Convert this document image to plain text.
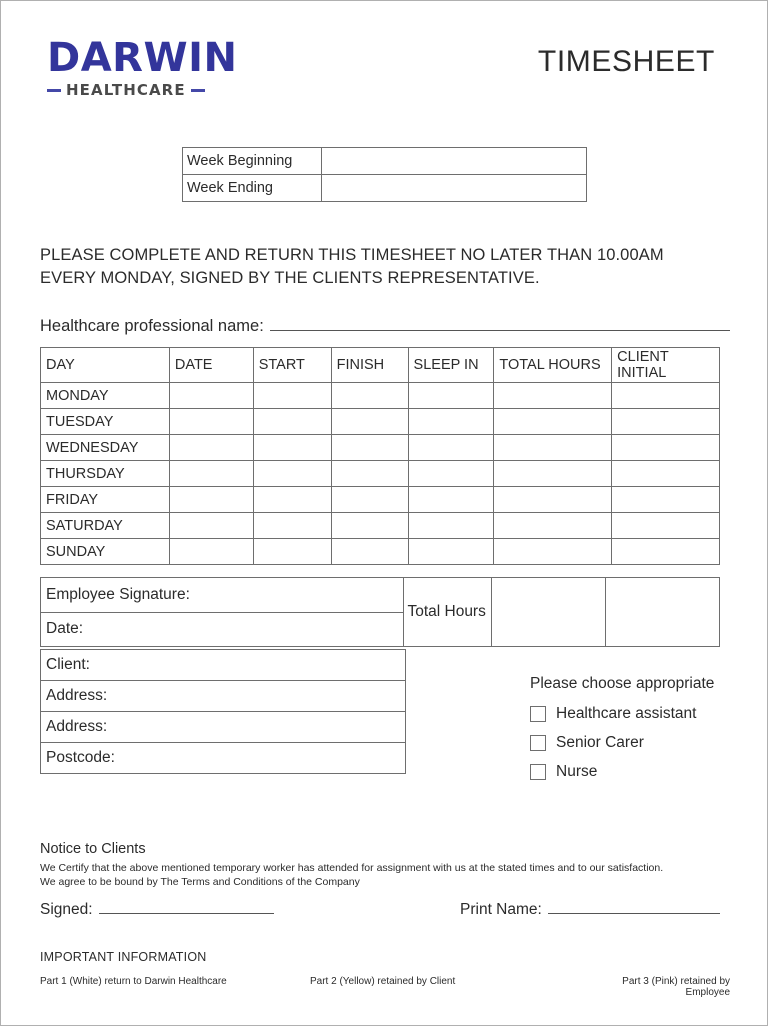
DARWIN
HEALTHCARE
TIMESHEET
Week Beginning	
Week Ending	
PLEASE COMPLETE AND RETURN THIS TIMESHEET NO LATER THAN 10.00AM EVERY MONDAY, SIGNED BY THE CLIENTS REPRESENTATIVE.
Healthcare professional name:
DAY	DATE	START	FINISH	SLEEP IN	TOTAL HOURS	CLIENT INITIAL
MONDAY						
TUESDAY						
WEDNESDAY						
THURSDAY						
FRIDAY						
SATURDAY						
SUNDAY						
Employee Signature:
Date:
Total Hours
Client:
Address:
Address:
Postcode:
Please choose appropriate
Healthcare assistant
Senior Carer
Nurse
Notice to Clients
We Certify that the above mentioned temporary worker has attended for assignment with us at the stated times and to our satisfaction.
We agree to be bound by The Terms and Conditions of the Company
Signed:	Print Name:
IMPORTANT INFORMATION
Part 1 (White) return to Darwin Healthcare	Part 2 (Yellow) retained by Client	Part 3 (Pink) retained by Employee
